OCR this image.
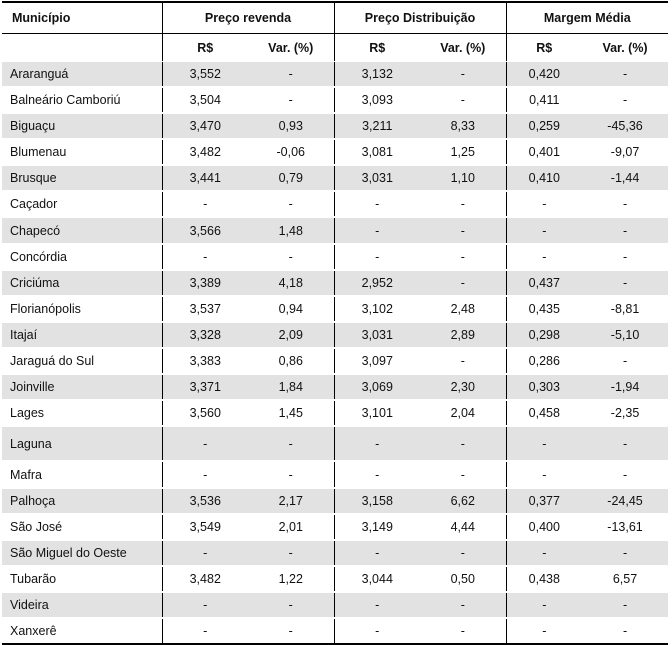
Município	Preço revenda		Preço Distribuição		Margem Média	
	R$	Var. (%)	R$	Var. (%)	R$	Var. (%)
Araranguá	3,552	-	3,132	-	0,420	-
Balneário Camboriú	3,504	-	3,093	-	0,411	-
Biguaçu	3,470	0,93	3,211	8,33	0,259	-45,36
Blumenau	3,482	-0,06	3,081	1,25	0,401	-9,07
Brusque	3,441	0,79	3,031	1,10	0,410	-1,44
Caçador	-	-	-	-	-	-
Chapecó	3,566	1,48	-	-	-	-
Concórdia	-	-	-	-	-	-
Criciúma	3,389	4,18	2,952	-	0,437	-
Florianópolis	3,537	0,94	3,102	2,48	0,435	-8,81
Itajaí	3,328	2,09	3,031	2,89	0,298	-5,10
Jaraguá do Sul	3,383	0,86	3,097	-	0,286	-
Joinville	3,371	1,84	3,069	2,30	0,303	-1,94
Lages	3,560	1,45	3,101	2,04	0,458	-2,35
Laguna	-	-	-	-	-	-
Mafra	-	-	-	-	-	-
Palhoça	3,536	2,17	3,158	6,62	0,377	-24,45
São José	3,549	2,01	3,149	4,44	0,400	-13,61
São Miguel do Oeste	-	-	-	-	-	-
Tubarão	3,482	1,22	3,044	0,50	0,438	6,57
Videira	-	-	-	-	-	-
Xanxerê	-	-	-	-	-	-
